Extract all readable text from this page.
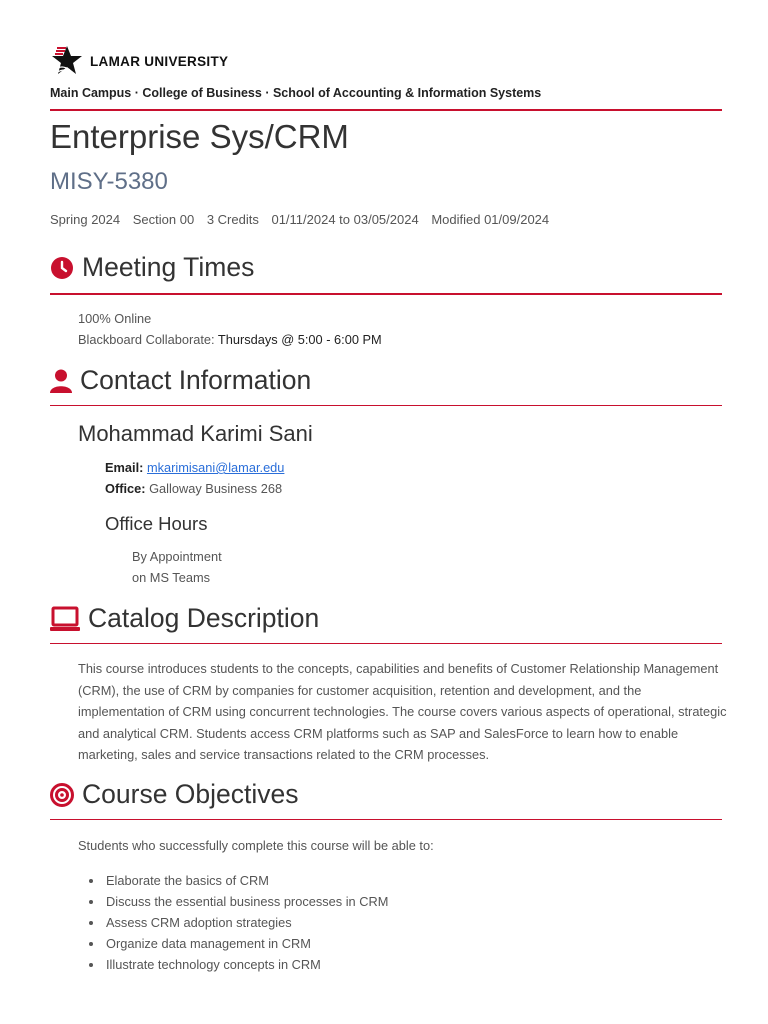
LAMAR UNIVERSITY
Main Campus · College of Business · School of Accounting & Information Systems
Enterprise Sys/CRM
MISY-5380
Spring 2024 Section 00 3 Credits 01/11/2024 to 03/05/2024 Modified 01/09/2024
Meeting Times
100% Online
Blackboard Collaborate: Thursdays @ 5:00 - 6:00 PM
Contact Information
Mohammad Karimi Sani
Email: mkarimisani@lamar.edu
Office: Galloway Business 268
Office Hours
By Appointment
on MS Teams
Catalog Description
This course introduces students to the concepts, capabilities and benefits of Customer Relationship Management (CRM), the use of CRM by companies for customer acquisition, retention and development, and the implementation of CRM using concurrent technologies. The course covers various aspects of operational, strategic and analytical CRM. Students access CRM platforms such as SAP and SalesForce to learn how to enable marketing, sales and service transactions related to the CRM processes.
Course Objectives
Students who successfully complete this course will be able to:
• Elaborate the basics of CRM
• Discuss the essential business processes in CRM
• Assess CRM adoption strategies
• Organize data management in CRM
• Illustrate technology concepts in CRM
